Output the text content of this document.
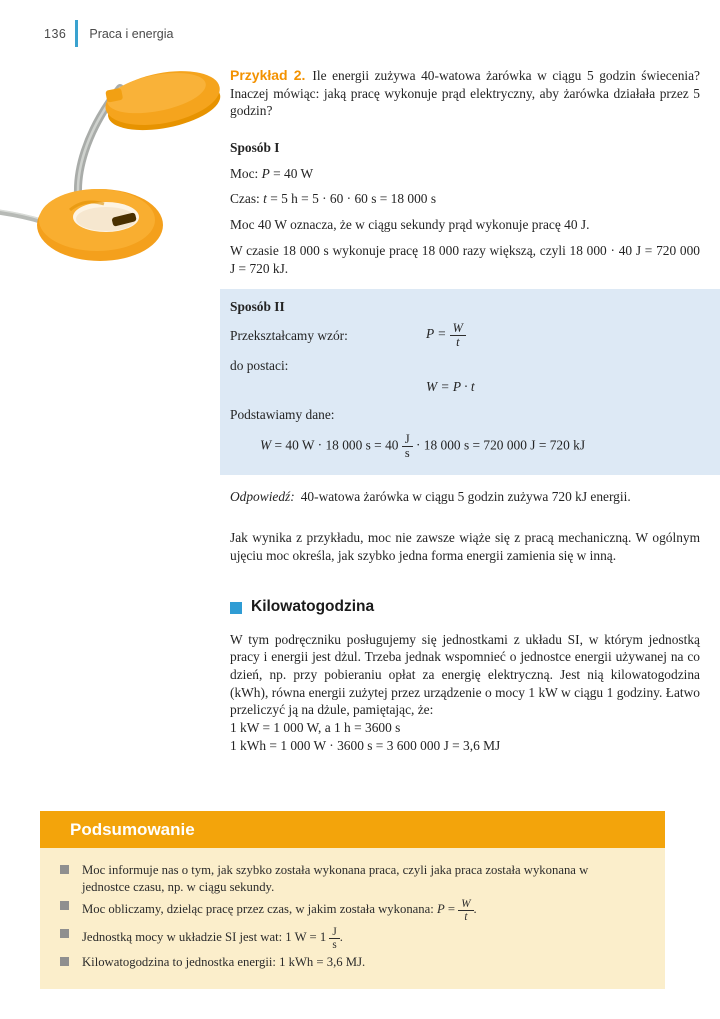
136 Praca i energia

Przykład 2. Ile energii zużywa 40-watowa żarówka w ciągu 5 godzin świecenia? Inaczej mówiąc: jaką pracę wykonuje prąd elektryczny, aby żarówka działała przez 5 godzin?

Sposób I

Moc: P = 40 W

Czas: t = 5 h = 5 · 60 · 60 s = 18 000 s

Moc 40 W oznacza, że w ciągu sekundy prąd wykonuje pracę 40 J.

W czasie 18 000 s wykonuje pracę 18 000 razy większą, czyli 18 000 · 40 J = 720 000 J = 720 kJ.

Sposób II

Przekształcamy wzór:	$P = \frac{W}{t}$
do postaci:
W = P · t

Podstawiamy dane:

W = 40 W · 18 000 $s = 40 \frac{J}{s} \cdot 18$ 000 s = 720 000 J = 720 kJ

Odpowiedź: 40-watowa żarówka w ciągu 5 godzin zużywa 720 kJ energii.

Jak wynika z przykładu, moc nie zawsze wiąże się z pracą mechaniczną. W ogólnym ujęciu moc określa, jak szybko jedna forma energii zamienia się w inną.

Kilowatogodzina

W tym podręczniku posługujemy się jednostkami z układu SI, w którym jednostką pracy i energii jest dżul. Trzeba jednak wspomnieć o jednostce energii używanej na co dzień, np. przy pobieraniu opłat za energię elektryczną. Jest nią kilowatogodzina (kWh), równa energii zużytej przez urządzenie o mocy 1 kW w ciągu 1 godziny. Łatwo przeliczyć ją na dżule, pamiętając, że:

1 kW = 1 000 W, a 1 h = 3600 s

1 kWh = 1 000 W · 3600 s = 3 600 000 J = 3,6 MJ

Podsumowanie
Moc informuje nas o tym, jak szybko została wykonana praca, czyli jaka praca została wykonana w jednostce czasu, np. w ciągu sekundy.
Moc obliczamy, dzieląc pracę przez czas, w jakim została wykonana: $P = \frac{W}{t}$ .
Jednostką mocy w układzie SI jest wat: 1 $W = 1 \frac{J}{s}$ .
Kilowatogodzina to jednostka energii: 1 kWh = 3,6 MJ.
